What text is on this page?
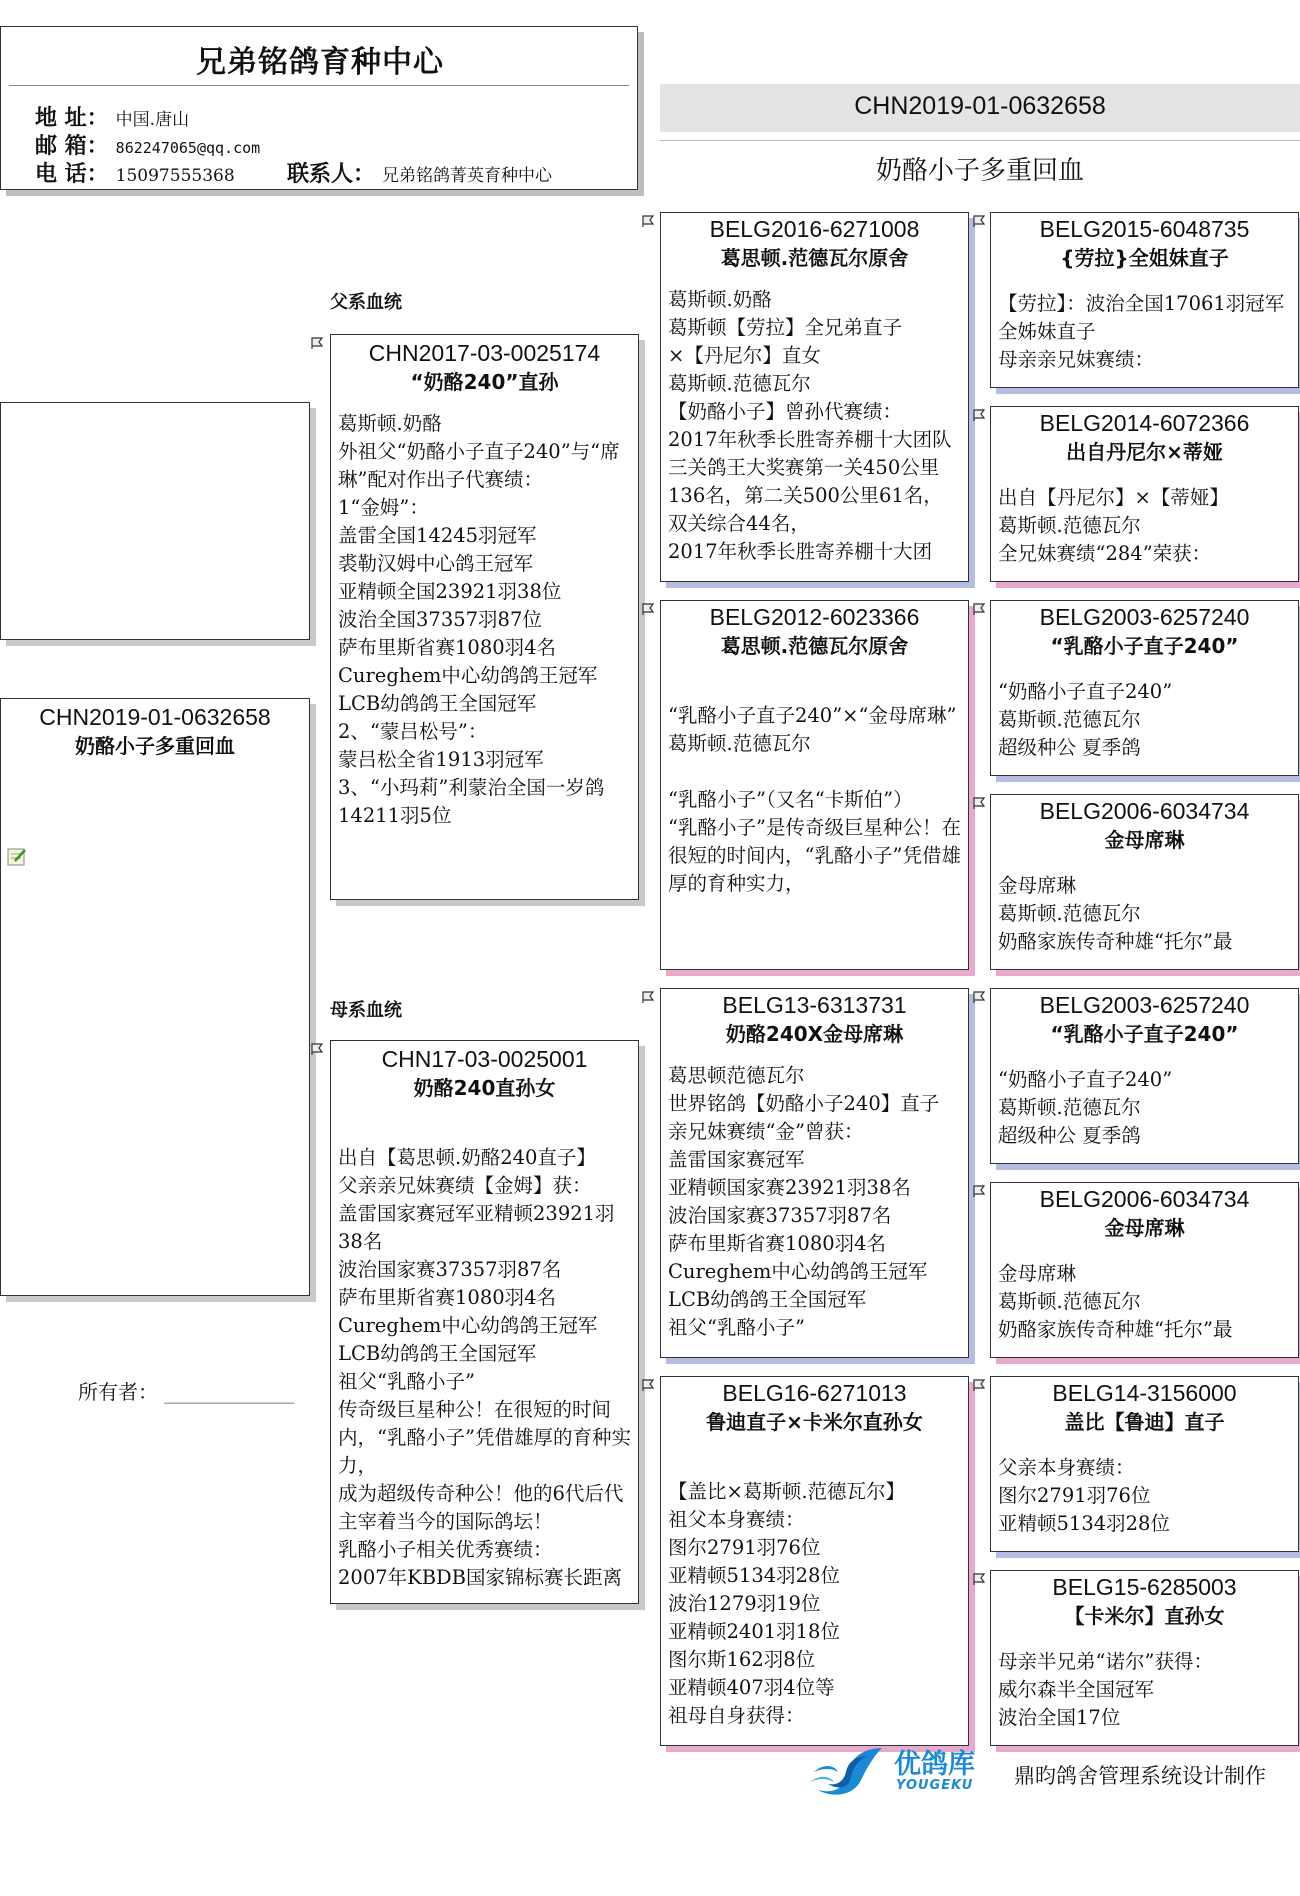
兄弟铭鸽育种中心
地 址： 中国.唐山
邮 箱： 862247065@qq.com
电 话： 15097555368 联系人： 兄弟铭鸽菁英育种中心
CHN2019-01-0632658
奶酪小子多重回血
父系血统
母系血统
CHN2019-01-0632658
奶酪小子多重回血
所有者： _____________
CHN2017-03-0025174
“奶酪240”直孙
葛斯顿.奶酪
外祖父“奶酪小子直子240”与“席琳”配对作出子代赛绩：
1“金姆”：
盖雷全国14245羽冠军
裘勒汉姆中心鸽王冠军
亚精顿全国23921羽38位
波治全国37357羽87位
萨布里斯省赛1080羽4名
Cureghem中心幼鸽鸽王冠军
LCB幼鸽鸽王全国冠军
2、“蒙吕松号”：
蒙吕松全省1913羽冠军
3、“小玛莉”利蒙治全国一岁鸽14211羽5位
CHN17-03-0025001
奶酪240直孙女

出自【葛思顿.奶酪240直子】
父亲亲兄妹赛绩【金姆】获：
盖雷国家赛冠军亚精顿23921羽38名
波治国家赛37357羽87名
萨布里斯省赛1080羽4名
Cureghem中心幼鸽鸽王冠军
LCB幼鸽鸽王全国冠军
祖父“乳酪小子”
传奇级巨星种公！在很短的时间内，“乳酪小子”凭借雄厚的育种实力，
成为超级传奇种公！他的6代后代主宰着当今的国际鸽坛！
乳酪小子相关优秀赛绩：
2007年KBDB国家锦标赛长距离
BELG2016-6271008
葛思顿.范德瓦尔原舍
葛斯顿.奶酪
葛斯顿【劳拉】全兄弟直子
×【丹尼尔】直女
葛斯顿.范德瓦尔
【奶酪小子】曾孙代赛绩：
2017年秋季长胜寄养棚十大团队三关鸽王大奖赛第一关450公里136名，第二关500公里61名，双关综合44名，
2017年秋季长胜寄养棚十大团
BELG2012-6023366
葛思顿.范德瓦尔原舍

“乳酪小子直子240”×“金母席琳”
葛斯顿.范德瓦尔

“乳酪小子”（又名“卡斯伯”）
“乳酪小子”是传奇级巨星种公！在很短的时间内，“乳酪小子”凭借雄厚的育种实力，
BELG13-6313731
奶酪240X金母席琳
葛思顿范德瓦尔
世界铭鸽【奶酪小子240】直子
亲兄妹赛绩“金”曾获：
盖雷国家赛冠军
亚精顿国家赛23921羽38名
波治国家赛37357羽87名
萨布里斯省赛1080羽4名
Cureghem中心幼鸽鸽王冠军
LCB幼鸽鸽王全国冠军
祖父“乳酪小子”
BELG16-6271013
鲁迪直子×卡米尔直孙女

【盖比×葛斯顿.范德瓦尔】
祖父本身赛绩：
图尔2791羽76位
亚精顿5134羽28位
波治1279羽19位
亚精顿2401羽18位
图尔斯162羽8位
亚精顿407羽4位等
祖母自身获得：
BELG2015-6048735
{劳拉}全姐妹直子
【劳拉】：波治全国17061羽冠军全姊妹直子
母亲亲兄妹赛绩：
BELG2014-6072366
出自丹尼尔×蒂娅
出自【丹尼尔】×【蒂娅】
葛斯顿.范德瓦尔
全兄妹赛绩“284”荣获：
BELG2003-6257240
“乳酪小子直子240”
“奶酪小子直子240”
葛斯顿.范德瓦尔
超级种公 夏季鸽
BELG2006-6034734
金母席琳
金母席琳
葛斯顿.范德瓦尔
奶酪家族传奇种雄“托尔”最
BELG2003-6257240
“乳酪小子直子240”
“奶酪小子直子240”
葛斯顿.范德瓦尔
超级种公 夏季鸽
BELG2006-6034734
金母席琳
金母席琳
葛斯顿.范德瓦尔
奶酪家族传奇种雄“托尔”最
BELG14-3156000
盖比【鲁迪】直子
父亲本身赛绩：
图尔2791羽76位
亚精顿5134羽28位
BELG15-6285003
【卡米尔】直孙女
母亲半兄弟“诺尔”获得：
威尔森半全国冠军
波治全国17位
优鸽库
YOUGEKU 鼎昀鸽舍管理系统设计制作
